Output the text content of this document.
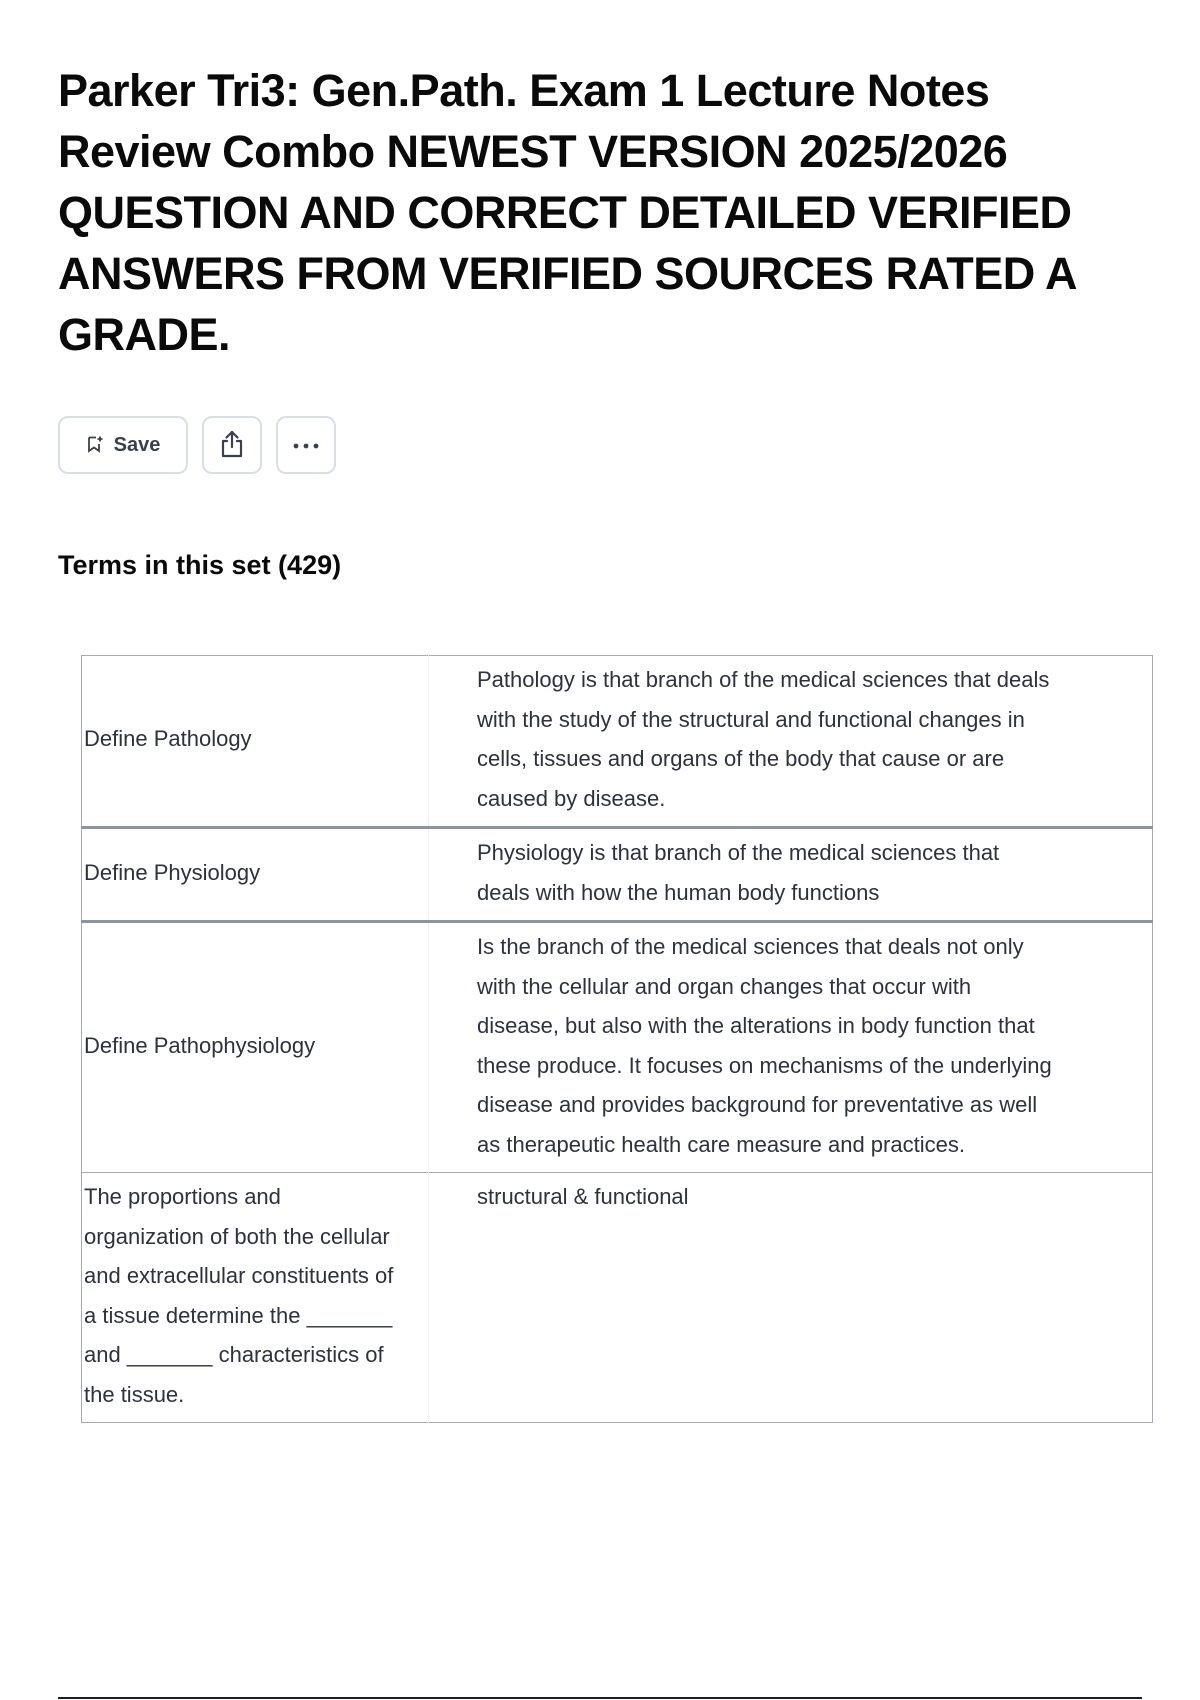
Parker Tri3: Gen.Path. Exam 1 Lecture Notes Review Combo NEWEST VERSION 2025/2026 QUESTION AND CORRECT DETAILED VERIFIED ANSWERS FROM VERIFIED SOURCES RATED A GRADE.
Save
Terms in this set (429)
Define Pathology	Pathology is that branch of the medical sciences that deals with the study of the structural and functional changes in cells, tissues and organs of the body that cause or are caused by disease.
Define Physiology	Physiology is that branch of the medical sciences that deals with how the human body functions
Define Pathophysiology	Is the branch of the medical sciences that deals not only with the cellular and organ changes that occur with disease, but also with the alterations in body function that these produce. It focuses on mechanisms of the underlying disease and provides background for preventative as well as therapeutic health care measure and practices.
The proportions and organization of both the cellular and extracellular constituents of a tissue determine the _______ and _______ characteristics of the tissue.	structural & functional
